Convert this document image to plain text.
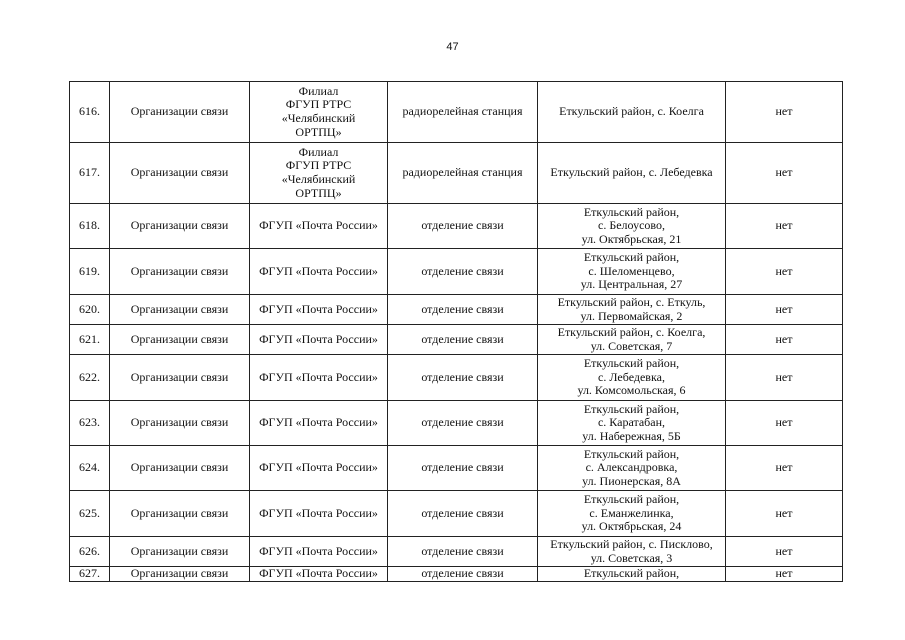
47
616.	Организации связи	Филиал
ФГУП РТРС
«Челябинский
ОРТПЦ»	радиорелейная станция	Еткульский район, с. Коелга	нет
617.	Организации связи	Филиал
ФГУП РТРС
«Челябинский
ОРТПЦ»	радиорелейная станция	Еткульский район, с. Лебедевка	нет
618.	Организации связи	ФГУП «Почта России»	отделение связи	Еткульский район,
с. Белоусово,
ул. Октябрьская, 21	нет
619.	Организации связи	ФГУП «Почта России»	отделение связи	Еткульский район,
с. Шеломенцево,
ул. Центральная, 27	нет
620.	Организации связи	ФГУП «Почта России»	отделение связи	Еткульский район, с. Еткуль,
ул. Первомайская, 2	нет
621.	Организации связи	ФГУП «Почта России»	отделение связи	Еткульский район, с. Коелга,
ул. Советская, 7	нет
622.	Организации связи	ФГУП «Почта России»	отделение связи	Еткульский район,
с. Лебедевка,
ул. Комсомольская, 6	нет
623.	Организации связи	ФГУП «Почта России»	отделение связи	Еткульский район,
с. Каратабан,
ул. Набережная, 5Б	нет
624.	Организации связи	ФГУП «Почта России»	отделение связи	Еткульский район,
с. Александровка,
ул. Пионерская, 8А	нет
625.	Организации связи	ФГУП «Почта России»	отделение связи	Еткульский район,
с. Еманжелинка,
ул. Октябрьская, 24	нет
626.	Организации связи	ФГУП «Почта России»	отделение связи	Еткульский район, с. Писклово,
ул. Советская, 3	нет
627.	Организации связи	ФГУП «Почта России»	отделение связи	Еткульский район,	нет
